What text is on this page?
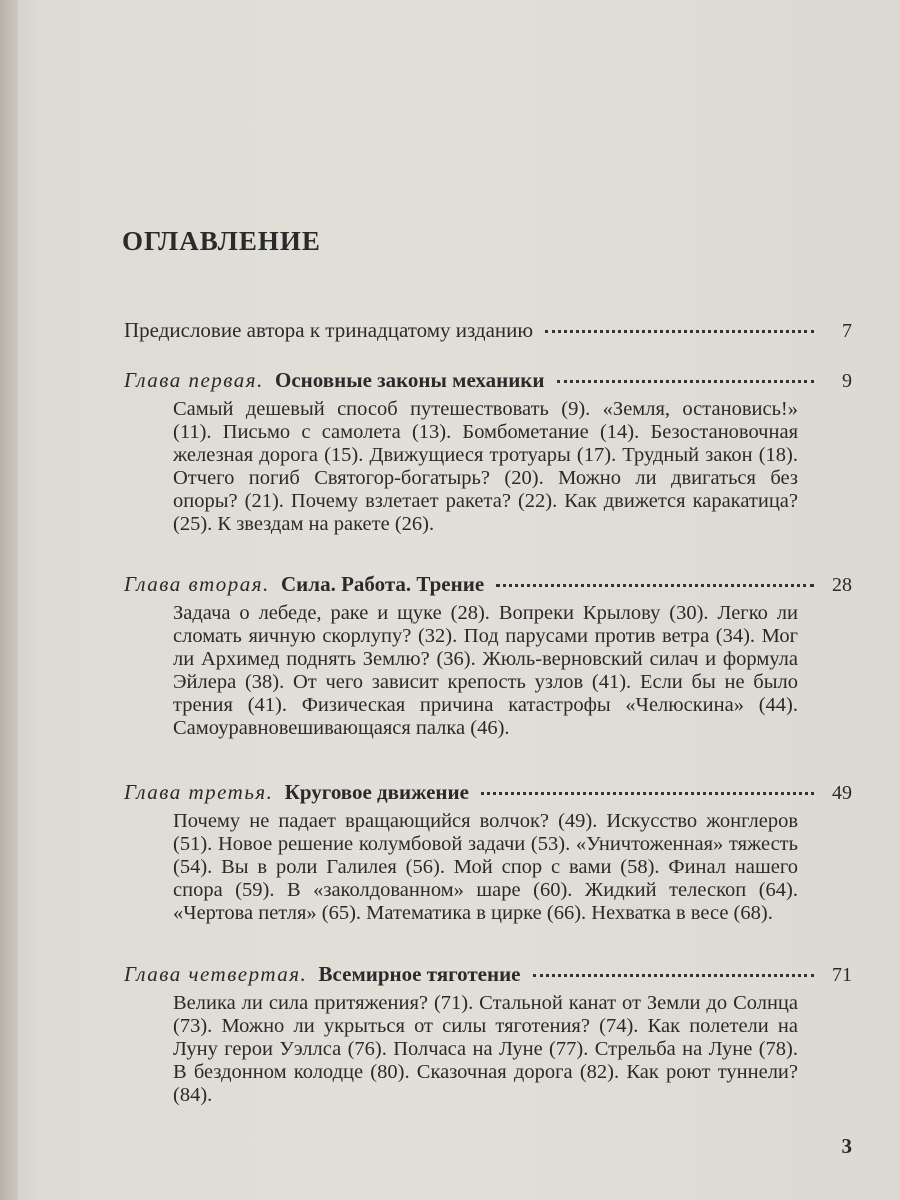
ОГЛАВЛЕНИЕ
Предисловие автора к тринадцатому изданию	7
Глава первая. Основные законы механики	9
Самый дешевый способ путешествовать (9). «Земля, остановись!» (11). Письмо с самолета (13). Бомбометание (14). Безостановочная железная дорога (15). Движущиеся тротуары (17). Трудный закон (18). Отчего погиб Святогор-богатырь? (20). Можно ли двигаться без опоры? (21). Почему взлетает ракета? (22). Как движется каракатица? (25). К звездам на ракете (26).
Глава вторая. Сила. Работа. Трение	28
Задача о лебеде, раке и щуке (28). Вопреки Крылову (30). Легко ли сломать яичную скорлупу? (32). Под парусами против ветра (34). Мог ли Архимед поднять Землю? (36). Жюль-верновский силач и формула Эйлера (38). От чего зависит крепость узлов (41). Если бы не было трения (41). Физическая причина катастрофы «Челюскина» (44). Самоуравновешивающаяся палка (46).
Глава третья. Круговое движение	49
Почему не падает вращающийся волчок? (49). Искусство жонглеров (51). Новое решение колумбовой задачи (53). «Уничтоженная» тяжесть (54). Вы в роли Галилея (56). Мой спор с вами (58). Финал нашего спора (59). В «заколдованном» шаре (60). Жидкий телескоп (64). «Чертова петля» (65). Математика в цирке (66). Нехватка в весе (68).
Глава четвертая. Всемирное тяготение	71
Велика ли сила притяжения? (71). Стальной канат от Земли до Солнца (73). Можно ли укрыться от силы тяготения? (74). Как полетели на Луну герои Уэллса (76). Полчаса на Луне (77). Стрельба на Луне (78). В бездонном колодце (80). Сказочная дорога (82). Как роют туннели? (84).
3
